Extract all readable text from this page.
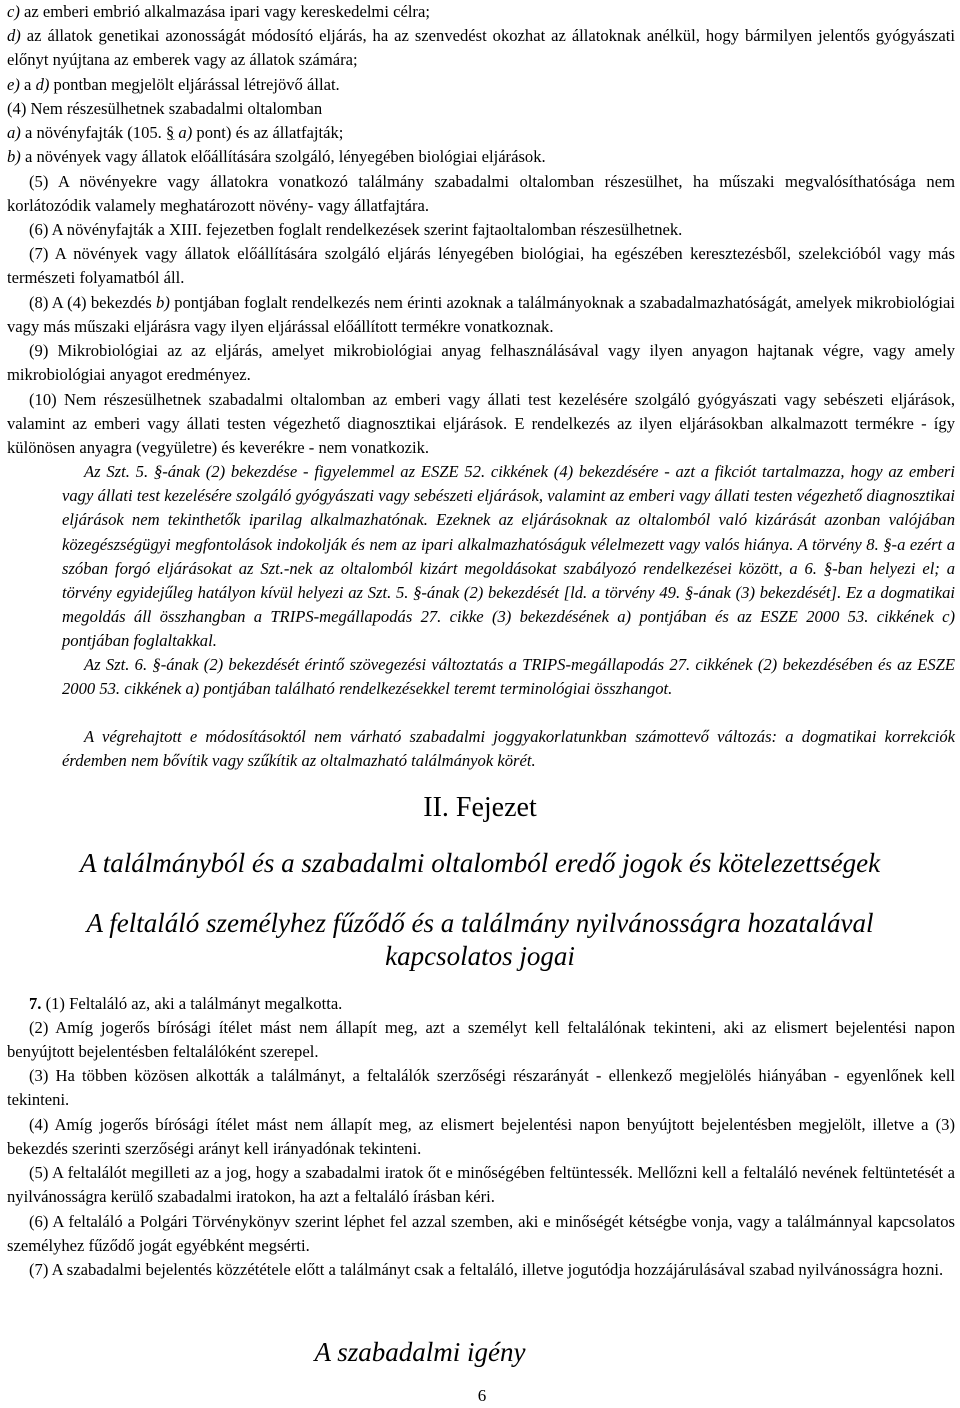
c) az emberi embrió alkalmazása ipari vagy kereskedelmi célra;

d) az állatok genetikai azonosságát módosító eljárás, ha az szenvedést okozhat az állatoknak anélkül, hogy bármilyen jelentős gyógyászati előnyt nyújtana az emberek vagy az állatok számára;

e) a d) pontban megjelölt eljárással létrejövő állat.

(4) Nem részesülhetnek szabadalmi oltalomban

a) a növényfajták (105. § a) pont) és az állatfajták;

b) a növények vagy állatok előállítására szolgáló, lényegében biológiai eljárások.

(5) A növényekre vagy állatokra vonatkozó találmány szabadalmi oltalomban részesülhet, ha műszaki megvalósíthatósága nem korlátozódik valamely meghatározott növény- vagy állatfajtára.

(6) A növényfajták a XIII. fejezetben foglalt rendelkezések szerint fajtaoltalomban részesülhetnek.

(7) A növények vagy állatok előállítására szolgáló eljárás lényegében biológiai, ha egészében keresztezésből, szelekcióból vagy más természeti folyamatból áll.

(8) A (4) bekezdés b) pontjában foglalt rendelkezés nem érinti azoknak a találmányoknak a szabadalmazhatóságát, amelyek mikrobiológiai vagy más műszaki eljárásra vagy ilyen eljárással előállított termékre vonatkoznak.

(9) Mikrobiológiai az az eljárás, amelyet mikrobiológiai anyag felhasználásával vagy ilyen anyagon hajtanak végre, vagy amely mikrobiológiai anyagot eredményez.

(10) Nem részesülhetnek szabadalmi oltalomban az emberi vagy állati test kezelésére szolgáló gyógyászati vagy sebészeti eljárások, valamint az emberi vagy állati testen végezhető diagnosztikai eljárások. E rendelkezés az ilyen eljárásokban alkalmazott termékre - így különösen anyagra (vegyületre) és keverékre - nem vonatkozik.

Az Szt. 5. §-ának (2) bekezdése - figyelemmel az ESZE 52. cikkének (4) bekezdésére - azt a fikciót tartalmazza, hogy az emberi vagy állati test kezelésére szolgáló gyógyászati vagy sebészeti eljárások, valamint az emberi vagy állati testen végezhető diagnosztikai eljárások nem tekinthetők iparilag alkalmazhatónak. Ezeknek az eljárásoknak az oltalomból való kizárását azonban valójában közegészségügyi megfontolások indokolják és nem az ipari alkalmazhatóságuk vélelmezett vagy valós hiánya. A törvény 8. §-a ezért a szóban forgó eljárásokat az Szt.-nek az oltalomból kizárt megoldásokat szabályozó rendelkezései között, a 6. §-ban helyezi el; a törvény egyidejűleg hatályon kívül helyezi az Szt. 5. §-ának (2) bekezdését [ld. a törvény 49. §-ának (3) bekezdését]. Ez a dogmatikai megoldás áll összhangban a TRIPS-megállapodás 27. cikke (3) bekezdésének a) pontjában és az ESZE 2000 53. cikkének c) pontjában foglaltakkal.

Az Szt. 6. §-ának (2) bekezdését érintő szövegezési változtatás a TRIPS-megállapodás 27. cikkének (2) bekezdésében és az ESZE 2000 53. cikkének a) pontjában található rendelkezésekkel teremt terminológiai összhangot.

A végrehajtott e módosításoktól nem várható szabadalmi joggyakorlatunkban számottevő változás: a dogmatikai korrekciók érdemben nem bővítik vagy szűkítik az oltalmazható találmányok körét.

II. Fejezet

A találmányból és a szabadalmi oltalomból eredő jogok és kötelezettségek

A feltaláló személyhez fűződő és a találmány nyilvánosságra hozatalával

kapcsolatos jogai

7. (1) Feltaláló az, aki a találmányt megalkotta.

(2) Amíg jogerős bírósági ítélet mást nem állapít meg, azt a személyt kell feltalálónak tekinteni, aki az elismert bejelentési napon benyújtott bejelentésben feltalálóként szerepel.

(3) Ha többen közösen alkották a találmányt, a feltalálók szerzőségi részarányát - ellenkező megjelölés hiányában - egyenlőnek kell tekinteni.

(4) Amíg jogerős bírósági ítélet mást nem állapít meg, az elismert bejelentési napon benyújtott bejelentésben megjelölt, illetve a (3) bekezdés szerinti szerzőségi arányt kell irányadónak tekinteni.

(5) A feltalálót megilleti az a jog, hogy a szabadalmi iratok őt e minőségében feltüntessék. Mellőzni kell a feltaláló nevének feltüntetését a nyilvánosságra kerülő szabadalmi iratokon, ha azt a feltaláló írásban kéri.

(6) A feltaláló a Polgári Törvénykönyv szerint léphet fel azzal szemben, aki e minőségét kétségbe vonja, vagy a találmánnyal kapcsolatos személyhez fűződő jogát egyébként megsérti.

(7) A szabadalmi bejelentés közzététele előtt a találmányt csak a feltaláló, illetve jogutódja hozzájárulásával szabad nyilvánosságra hozni.

A szabadalmi igény

6
